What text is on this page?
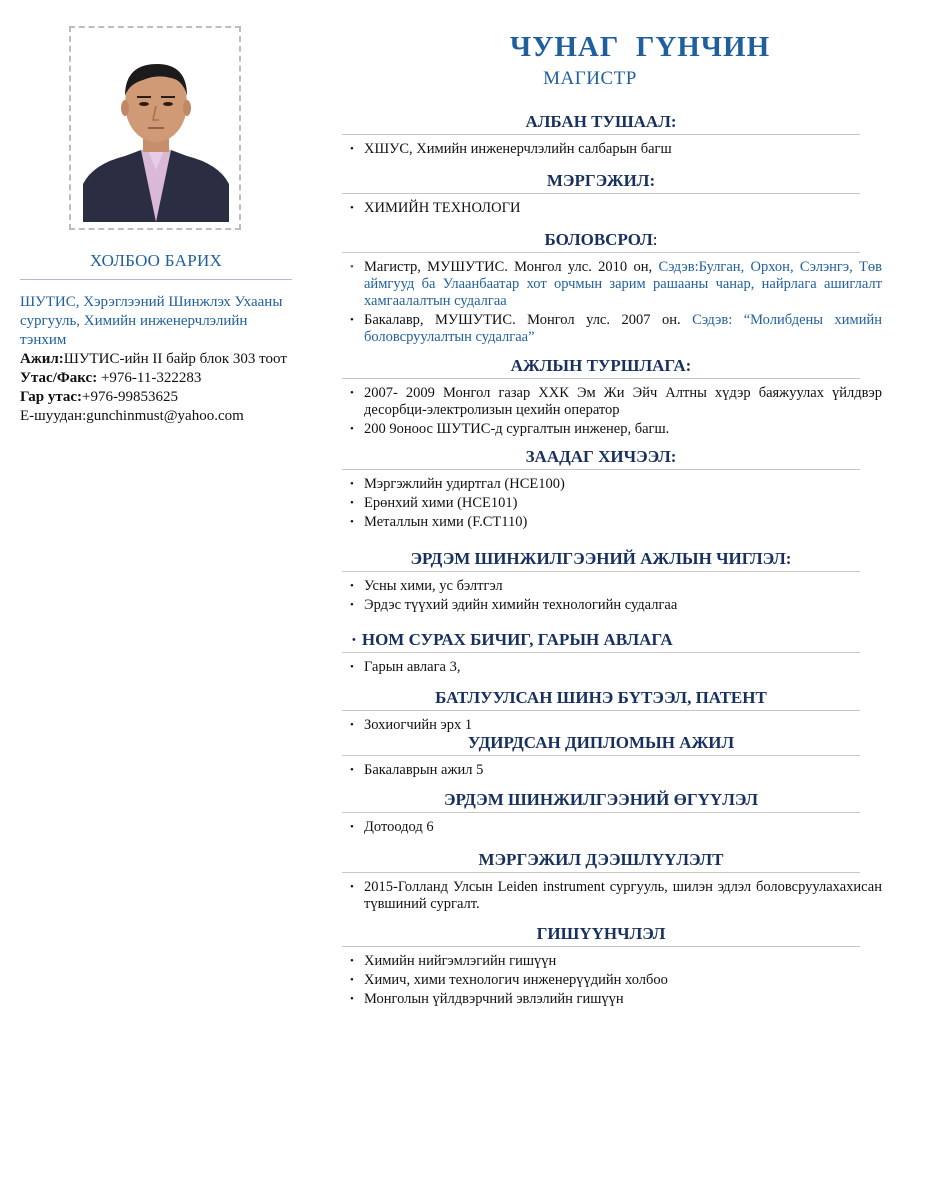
ХОЛБОО БАРИХ
ШУТИС, Хэрэглээний Шинжлэх Ухааны сургууль, Химийн инженерчлэлийн тэнхим
Ажил:ШУТИС-ийн II байр блок 303 тоот
Утас/Факс: +976-11-322283
Гар утас:+976-99853625
E-шуудан:gunchinmust@yahoo.com
ЧУНАГ  ГҮНЧИН
МАГИСТР
АЛБАН ТУШААЛ:
• ХШУС, Химийн инженерчлэлийн салбарын багш
МЭРГЭЖИЛ:
• ХИМИЙН ТЕХНОЛОГИ
БОЛОВСРОЛ:
• Магистр, МУШУТИС. Монгол улс. 2010 он, Сэдэв:Булган, Орхон, Сэлэнгэ, Төв аймгууд ба Улаанбаатар хот орчмын зарим рашааны чанар, найрлага ашиглалт хамгаалалтын судалгаа
• Бакалавр, МУШУТИС. Монгол улс. 2007 он. Сэдэв: “Молибдены химийн боловсруулалтын судалгаа”
АЖЛЫН ТУРШЛАГА:
• 2007- 2009 Монгол газар ХХК Эм Жи Эйч Алтны хүдэр баяжуулах үйлдвэр десорбци-электролизын цехийн оператор
• 200 9оноос ШУТИС-д сургалтын инженер, багш.
ЗААДАГ ХИЧЭЭЛ:
• Мэргэжлийн удиртгал (НСЕ100)
• Ерөнхий хими (НСЕ101)
• Металлын хими (F.CT110)
ЭРДЭМ ШИНЖИЛГЭЭНИЙ АЖЛЫН ЧИГЛЭЛ:
• Усны хими, ус бэлтгэл
• Эрдэс түүхий эдийн химийн технологийн судалгаа
• НОМ СУРАХ БИЧИГ, ГАРЫН АВЛАГА
• Гарын авлага 3,
БАТЛУУЛСАН ШИНЭ БҮТЭЭЛ, ПАТЕНТ
• Зохиогчийн эрх 1
УДИРДСАН ДИПЛОМЫН АЖИЛ
• Бакалаврын ажил 5
ЭРДЭМ ШИНЖИЛГЭЭНИЙ ӨГҮҮЛЭЛ
• Дотоодод 6
МЭРГЭЖИЛ ДЭЭШЛҮҮЛЭЛТ
• 2015-Голланд Улсын Leiden instrument сургууль, шилэн эдлэл боловсруулахахисан түвшиний сургалт.
ГИШҮҮНЧЛЭЛ
• Химийн нийгэмлэгийн гишүүн
• Химич, хими технологич инженерүүдийн холбоо
• Монголын үйлдвэрчний эвлэлийн гишүүн
